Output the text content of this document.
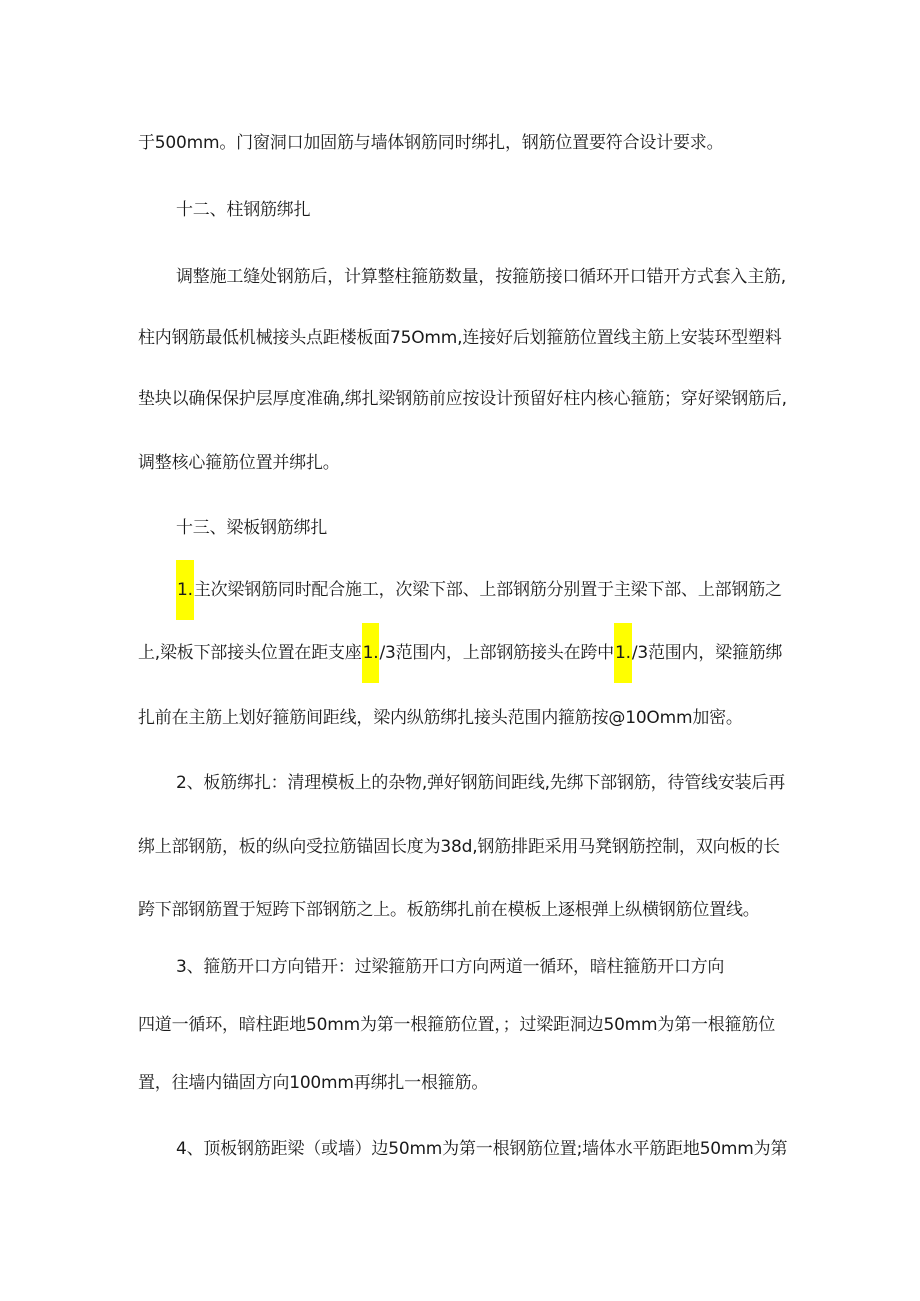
于500mm。门窗洞口加固筋与墙体钢筋同时绑扎，钢筋位置要符合设计要求。
十二、柱钢筋绑扎
调整施工缝处钢筋后，计算整柱箍筋数量，按箍筋接口循环开口错开方式套入主筋,
柱内钢筋最低机械接头点距楼板面75Omm,连接好后划箍筋位置线主筋上安装环型塑料
垫块以确保保护层厚度准确,绑扎梁钢筋前应按设计预留好柱内核心箍筋；穿好梁钢筋后,
调整核心箍筋位置并绑扎。
十三、梁板钢筋绑扎
1.主次梁钢筋同时配合施工，次梁下部、上部钢筋分别置于主梁下部、上部钢筋之
上,梁板下部接头位置在距支座1./3范围内，上部钢筋接头在跨中1./3范围内，梁箍筋绑
扎前在主筋上划好箍筋间距线，梁内纵筋绑扎接头范围内箍筋按@10Omm加密。
2、板筋绑扎：清理模板上的杂物,弹好钢筋间距线,先绑下部钢筋，待管线安装后再
绑上部钢筋，板的纵向受拉筋锚固长度为38d,钢筋排距采用马凳钢筋控制，双向板的长
跨下部钢筋置于短跨下部钢筋之上。板筋绑扎前在模板上逐根弹上纵横钢筋位置线。
3、箍筋开口方向错开：过梁箍筋开口方向两道一循环，暗柱箍筋开口方向
四道一循环，暗柱距地50mm为第一根箍筋位置，；过梁距洞边50mm为第一根箍筋位
置，往墙内锚固方向100mm再绑扎一根箍筋。
4、顶板钢筋距梁（或墙）边50mm为第一根钢筋位置;墙体水平筋距地50mm为第
